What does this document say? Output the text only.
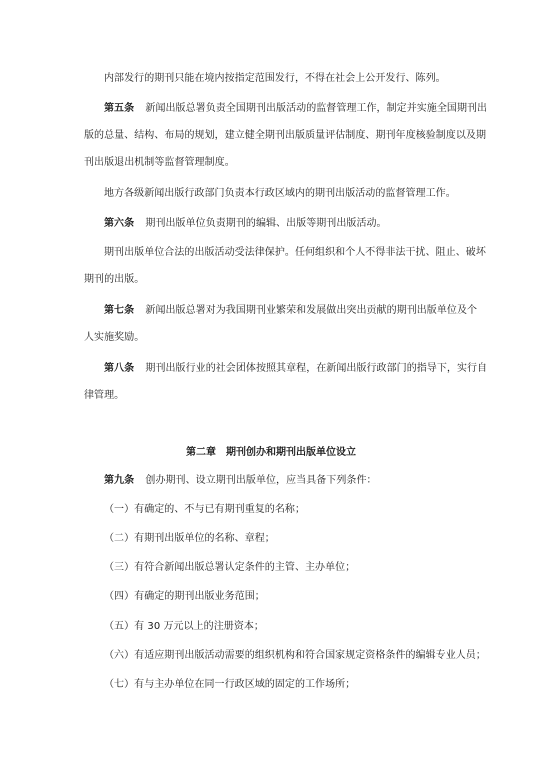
内部发行的期刊只能在境内按指定范围发行，不得在社会上公开发行、陈列。
第五条 新闻出版总署负责全国期刊出版活动的监督管理工作，制定并实施全国期刊出
版的总量、结构、布局的规划，建立健全期刊出版质量评估制度、期刊年度核验制度以及期
刊出版退出机制等监督管理制度。
地方各级新闻出版行政部门负责本行政区域内的期刊出版活动的监督管理工作。
第六条 期刊出版单位负责期刊的编辑、出版等期刊出版活动。
期刊出版单位合法的出版活动受法律保护。任何组织和个人不得非法干扰、阻止、破坏
期刊的出版。
第七条 新闻出版总署对为我国期刊业繁荣和发展做出突出贡献的期刊出版单位及个
人实施奖励。
第八条 期刊出版行业的社会团体按照其章程，在新闻出版行政部门的指导下，实行自
律管理。
第二章　期刊创办和期刊出版单位设立
第九条 创办期刊、设立期刊出版单位，应当具备下列条件：
（一）有确定的、不与已有期刊重复的名称；
（二）有期刊出版单位的名称、章程；
（三）有符合新闻出版总署认定条件的主管、主办单位；
（四）有确定的期刊出版业务范围；
（五）有 30 万元以上的注册资本；
（六）有适应期刊出版活动需要的组织机构和符合国家规定资格条件的编辑专业人员；
（七）有与主办单位在同一行政区域的固定的工作场所；
